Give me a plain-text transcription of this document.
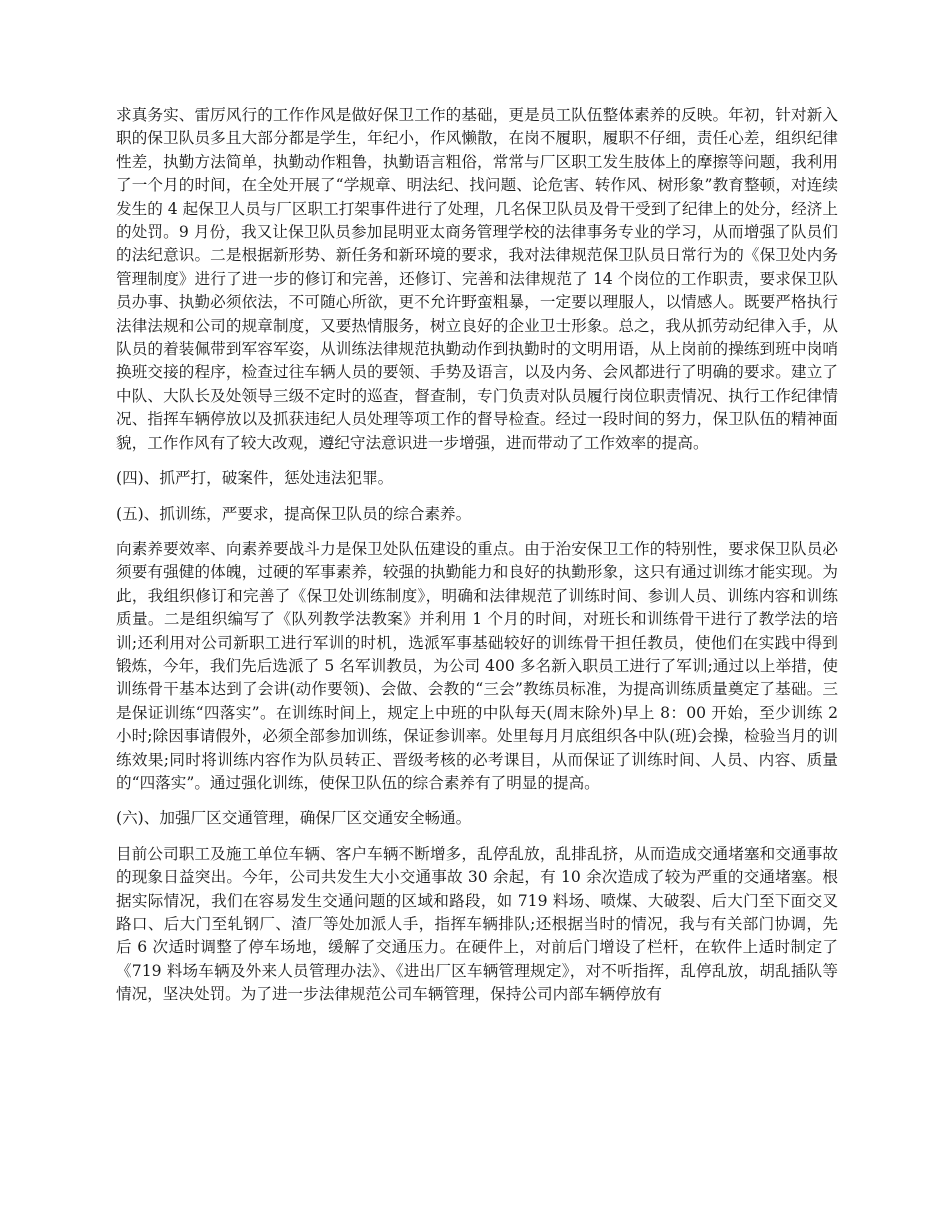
求真务实、雷厉风行的工作作风是做好保卫工作的基础，更是员工队伍整体素养的反映。年初，针对新入职的保卫队员多且大部分都是学生，年纪小，作风懒散，在岗不履职，履职不仔细，责任心差，组织纪律性差，执勤方法简单，执勤动作粗鲁，执勤语言粗俗，常常与厂区职工发生肢体上的摩擦等问题，我利用了一个月的时间，在全处开展了“学规章、明法纪、找问题、论危害、转作风、树形象”教育整顿，对连续发生的 4 起保卫人员与厂区职工打架事件进行了处理，几名保卫队员及骨干受到了纪律上的处分，经济上的处罚。9 月份，我又让保卫队员参加昆明亚太商务管理学校的法律事务专业的学习，从而增强了队员们的法纪意识。二是根据新形势、新任务和新环境的要求，我对法律规范保卫队员日常行为的《保卫处内务管理制度》进行了进一步的修订和完善，还修订、完善和法律规范了 14 个岗位的工作职责，要求保卫队员办事、执勤必须依法，不可随心所欲，更不允许野蛮粗暴，一定要以理服人，以情感人。既要严格执行法律法规和公司的规章制度，又要热情服务，树立良好的企业卫士形象。总之，我从抓劳动纪律入手，从队员的着装佩带到军容军姿，从训练法律规范执勤动作到执勤时的文明用语，从上岗前的操练到班中岗哨换班交接的程序，检查过往车辆人员的要领、手势及语言，以及内务、会风都进行了明确的要求。建立了中队、大队长及处领导三级不定时的巡查，督查制，专门负责对队员履行岗位职责情况、执行工作纪律情况、指挥车辆停放以及抓获违纪人员处理等项工作的督导检查。经过一段时间的努力，保卫队伍的精神面貌，工作作风有了较大改观，遵纪守法意识进一步增强，进而带动了工作效率的提高。

(四)、抓严打，破案件，惩处违法犯罪。

(五)、抓训练，严要求，提高保卫队员的综合素养。

向素养要效率、向素养要战斗力是保卫处队伍建设的重点。由于治安保卫工作的特别性，要求保卫队员必须要有强健的体魄，过硬的军事素养，较强的执勤能力和良好的执勤形象，这只有通过训练才能实现。为此，我组织修订和完善了《保卫处训练制度》，明确和法律规范了训练时间、参训人员、训练内容和训练质量。二是组织编写了《队列教学法教案》并利用 1 个月的时间，对班长和训练骨干进行了教学法的培训;还利用对公司新职工进行军训的时机，选派军事基础较好的训练骨干担任教员，使他们在实践中得到锻炼，今年，我们先后选派了 5 名军训教员，为公司 400 多名新入职员工进行了军训;通过以上举措，使训练骨干基本达到了会讲(动作要领)、会做、会教的“三会”教练员标准，为提高训练质量奠定了基础。三是保证训练“四落实”。在训练时间上，规定上中班的中队每天(周末除外)早上 8：00 开始，至少训练 2 小时;除因事请假外，必须全部参加训练，保证参训率。处里每月月底组织各中队(班)会操，检验当月的训练效果;同时将训练内容作为队员转正、晋级考核的必考课目，从而保证了训练时间、人员、内容、质量的“四落实”。通过强化训练，使保卫队伍的综合素养有了明显的提高。

(六)、加强厂区交通管理，确保厂区交通安全畅通。

目前公司职工及施工单位车辆、客户车辆不断增多，乱停乱放，乱排乱挤，从而造成交通堵塞和交通事故的现象日益突出。今年，公司共发生大小交通事故 30 余起，有 10 余次造成了较为严重的交通堵塞。根据实际情况，我们在容易发生交通问题的区域和路段，如 719 料场、喷煤、大破裂、后大门至下面交叉路口、后大门至轧钢厂、渣厂等处加派人手，指挥车辆排队;还根据当时的情况，我与有关部门协调，先后 6 次适时调整了停车场地，缓解了交通压力。在硬件上，对前后门增设了栏杆，在软件上适时制定了《719 料场车辆及外来人员管理办法》、《进出厂区车辆管理规定》，对不听指挥，乱停乱放，胡乱插队等情况，坚决处罚。为了进一步法律规范公司车辆管理，保持公司内部车辆停放有
